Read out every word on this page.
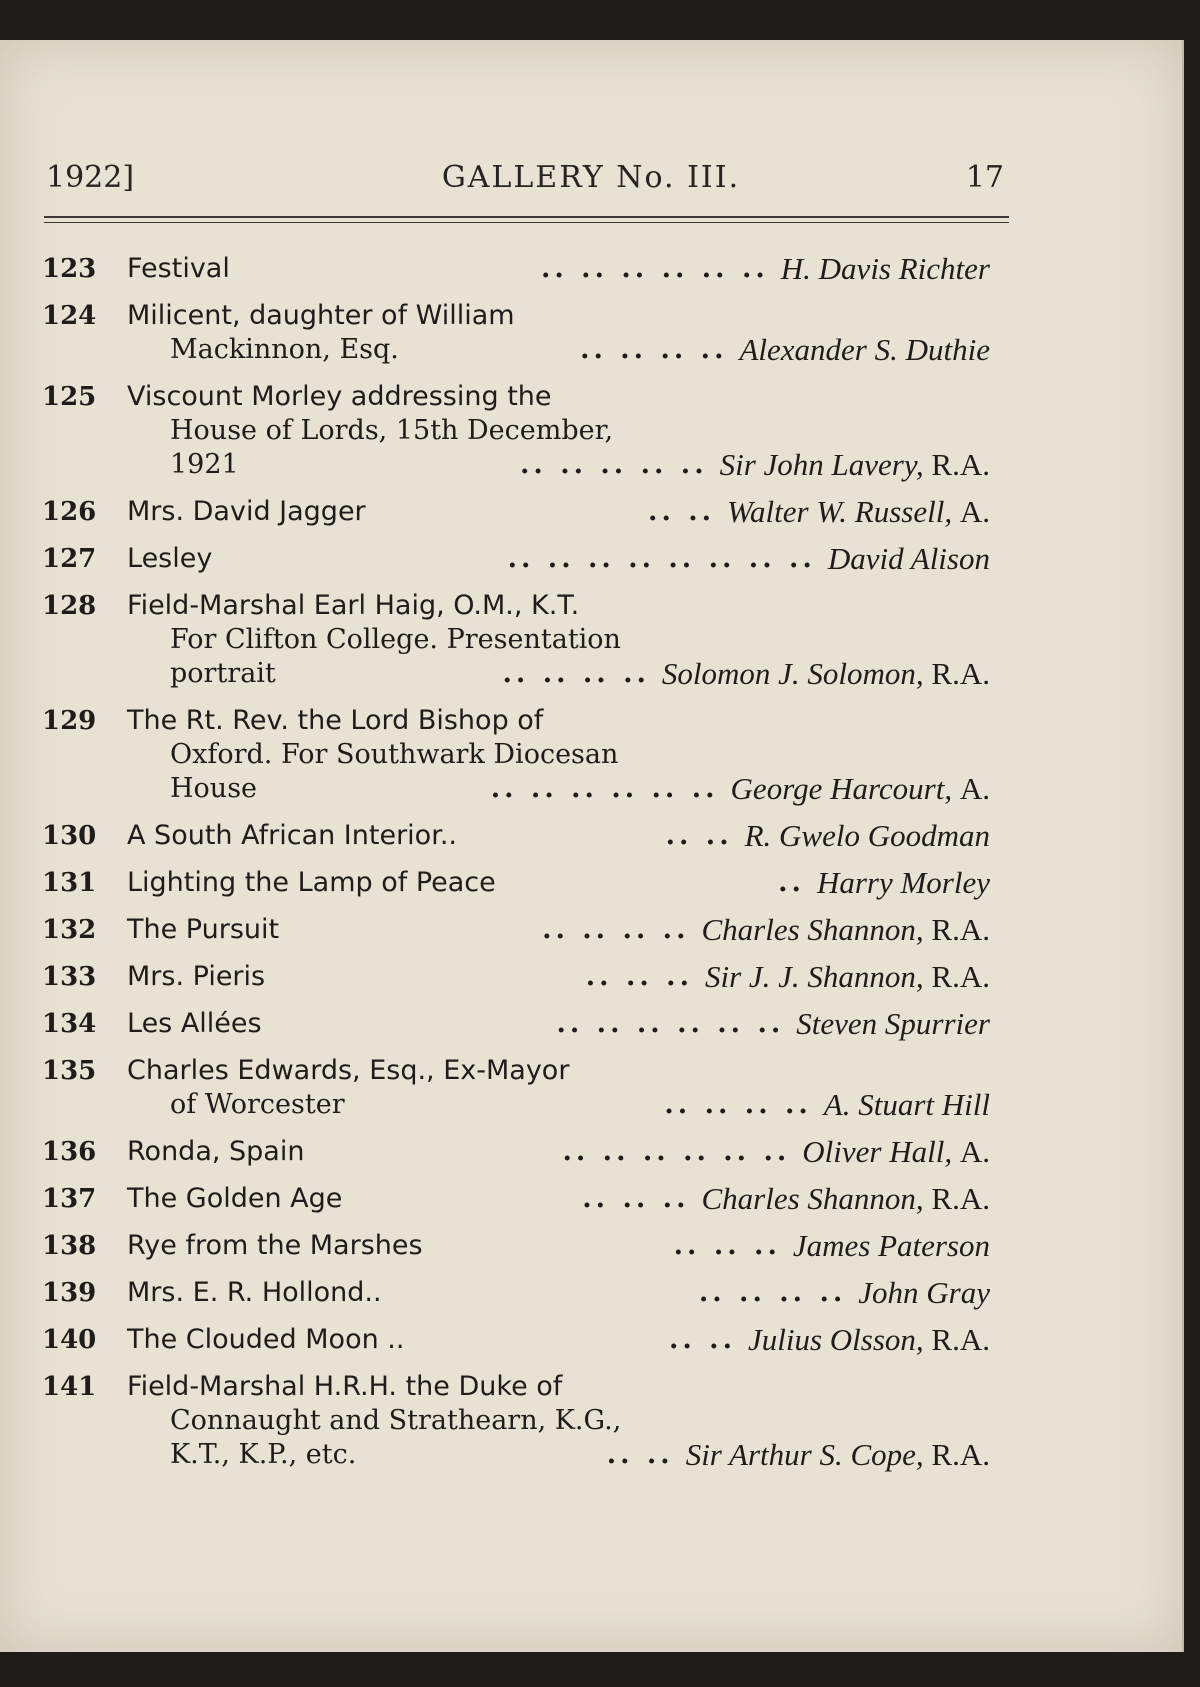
1922]	GALLERY No. III.	17
123 Festival	.. .. .. .. .. .. H. Davis Richter
124 Milicent, daughter of William
Mackinnon, Esq.	.. .. .. .. Alexander S. Duthie
125 Viscount Morley addressing the
House of Lords, 15th December,
1921	.. .. .. .. .. Sir John Lavery, R.A.
126 Mrs. David Jagger	.. .. Walter W. Russell, A.
127 Lesley	.. .. .. .. .. .. .. .. David Alison
128 Field-Marshal Earl Haig, O.M., K.T.
For Clifton College. Presentation
portrait	.. .. .. .. Solomon J. Solomon, R.A.
129 The Rt. Rev. the Lord Bishop of
Oxford. For Southwark Diocesan
House	.. .. .. .. .. .. George Harcourt, A.
130 A South African Interior..	.. .. R. Gwelo Goodman
131 Lighting the Lamp of Peace	.. Harry Morley
132 The Pursuit	.. .. .. .. Charles Shannon, R.A.
133 Mrs. Pieris	.. .. .. Sir J. J. Shannon, R.A.
134 Les Allées	.. .. .. .. .. .. Steven Spurrier
135 Charles Edwards, Esq., Ex-Mayor
of Worcester	.. .. .. .. A. Stuart Hill
136 Ronda, Spain	.. .. .. .. .. .. Oliver Hall, A.
137 The Golden Age	.. .. .. Charles Shannon, R.A.
138 Rye from the Marshes	.. .. .. James Paterson
139 Mrs. E. R. Hollond..	.. .. .. .. John Gray
140 The Clouded Moon ..	.. .. Julius Olsson, R.A.
141 Field-Marshal H.R.H. the Duke of
Connaught and Strathearn, K.G.,
K.T., K.P., etc.	.. .. Sir Arthur S. Cope, R.A.
